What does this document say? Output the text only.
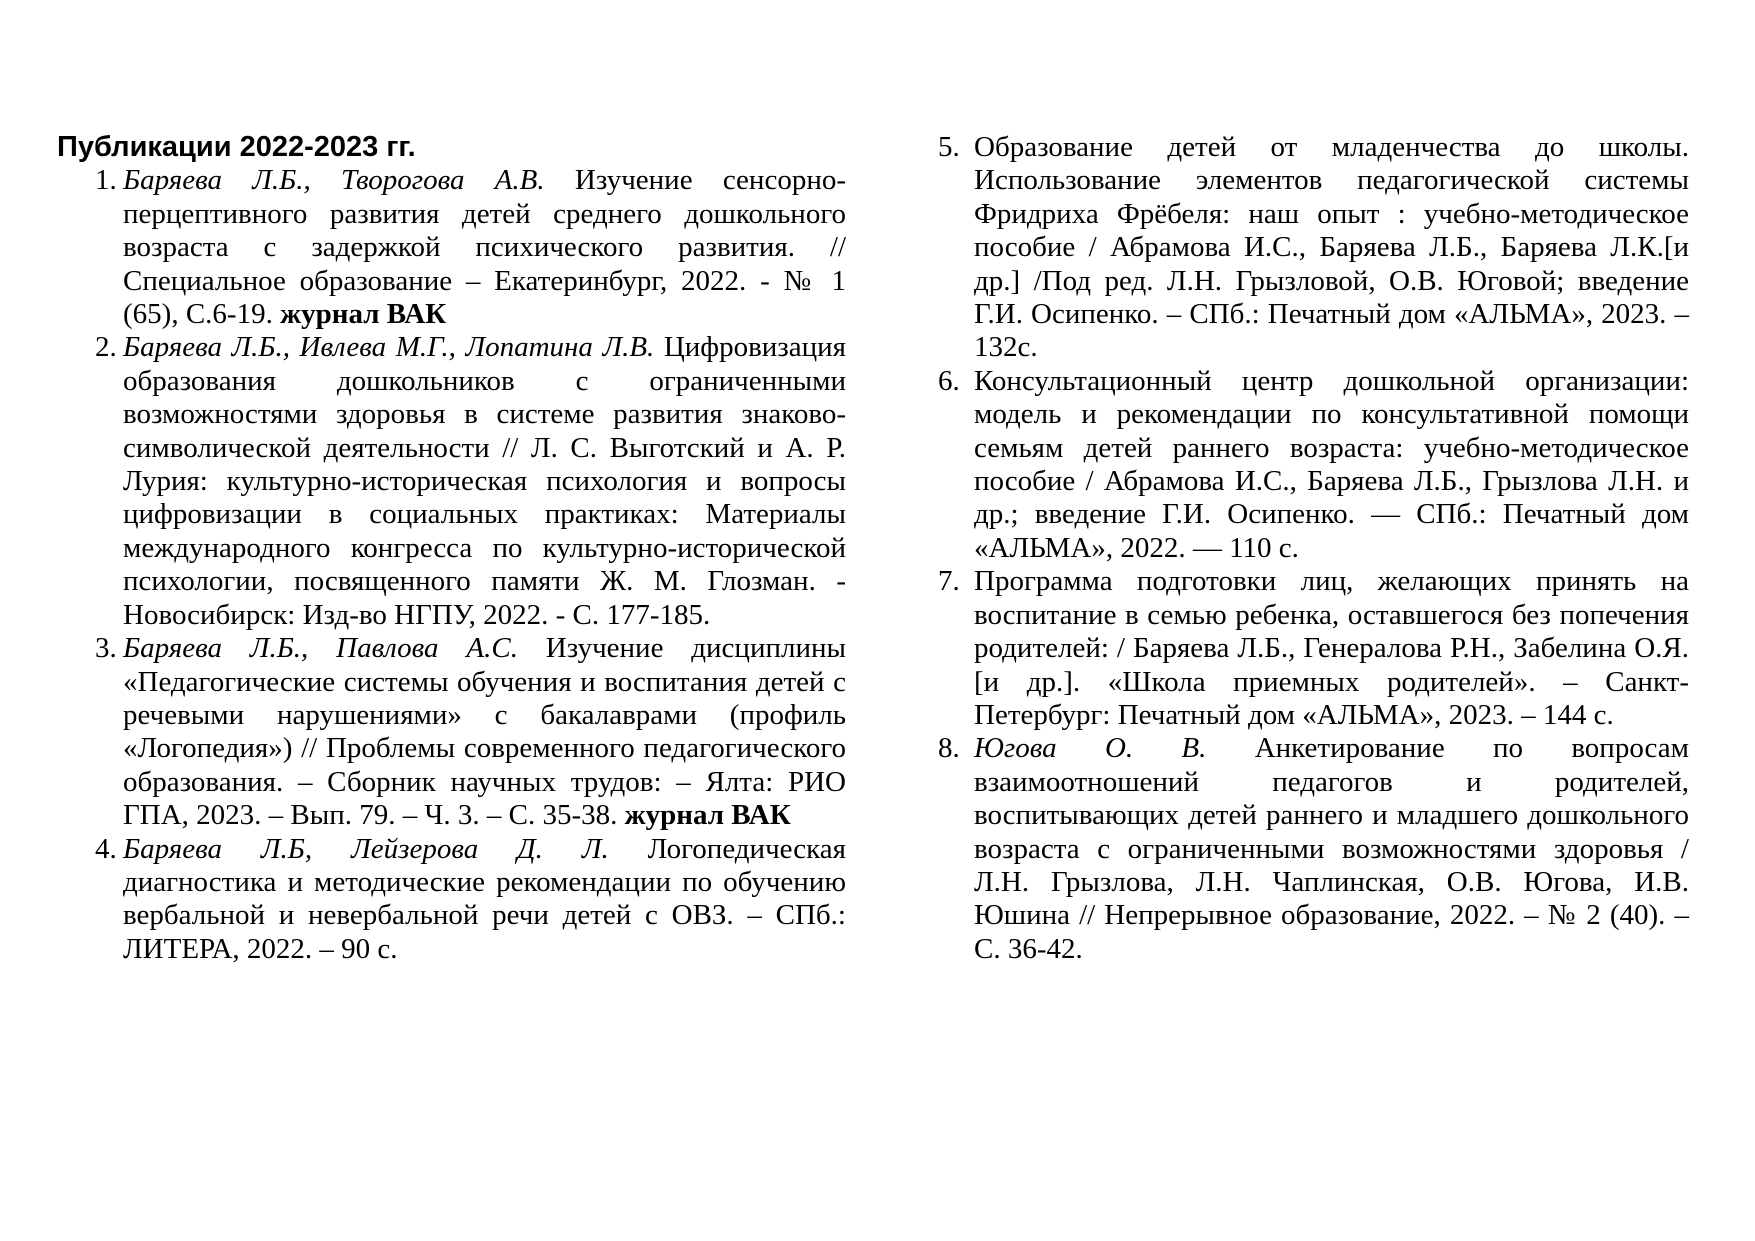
Публикации 2022-2023 гг.
1. Баряева Л.Б., Творогова А.В. Изучение сенсорно-перцептивного развития детей среднего дошкольного возраста с задержкой психического развития. // Специальное образование – Екатеринбург, 2022. - № 1 (65), С.6-19. журнал ВАК
2. Баряева Л.Б., Ивлева М.Г., Лопатина Л.В. Цифровизация образования дошкольников с ограниченными возможностями здоровья в системе развития знаково-символической деятельности // Л. С. Выготский и А. Р. Лурия: культурно-историческая психология и вопросы цифровизации в социальных практиках: Материалы международного конгресса по культурно-исторической психологии, посвященного памяти Ж. М. Глозман. - Новосибирск: Изд-во НГПУ, 2022. - С. 177-185.
3. Баряева Л.Б., Павлова А.С. Изучение дисциплины «Педагогические системы обучения и воспитания детей с речевыми нарушениями» с бакалаврами (профиль «Логопедия») // Проблемы современного педагогического образования. – Сборник научных трудов: – Ялта: РИО ГПА, 2023. – Вып. 79. – Ч. 3. – С. 35-38. журнал ВАК
4. Баряева Л.Б, Лейзерова Д. Л. Логопедическая диагностика и методические рекомендации по обучению вербальной и невербальной речи детей с ОВЗ. – СПб.: ЛИТЕРА, 2022. – 90 с.
5. Образование детей от младенчества до школы. Использование элементов педагогической системы Фридриха Фрёбеля: наш опыт : учебно-методическое пособие / Абрамова И.С., Баряева Л.Б., Баряева Л.К.[и др.] /Под ред. Л.Н. Грызловой, О.В. Юговой; введение Г.И. Осипенко. – СПб.: Печатный дом «АЛЬМА», 2023. – 132с.
6. Консультационный центр дошкольной организации: модель и рекомендации по консультативной помощи семьям детей раннего возраста: учебно-методическое пособие / Абрамова И.С., Баряева Л.Б., Грызлова Л.Н. и др.; введение Г.И. Осипенко. — СПб.: Печатный дом «АЛЬМА», 2022. — 110 с.
7. Программа подготовки лиц, желающих принять на воспитание в семью ребенка, оставшегося без попечения родителей: / Баряева Л.Б., Генералова Р.Н., Забелина О.Я. [и др.]. «Школа приемных родителей». – Санкт-Петербург: Печатный дом «АЛЬМА», 2023. – 144 с.
8. Югова О. В. Анкетирование по вопросам взаимоотношений педагогов и родителей, воспитывающих детей раннего и младшего дошкольного возраста с ограниченными возможностями здоровья / Л.Н. Грызлова, Л.Н. Чаплинская, О.В. Югова, И.В. Юшина // Непрерывное образование, 2022. – № 2 (40). – С. 36-42.
